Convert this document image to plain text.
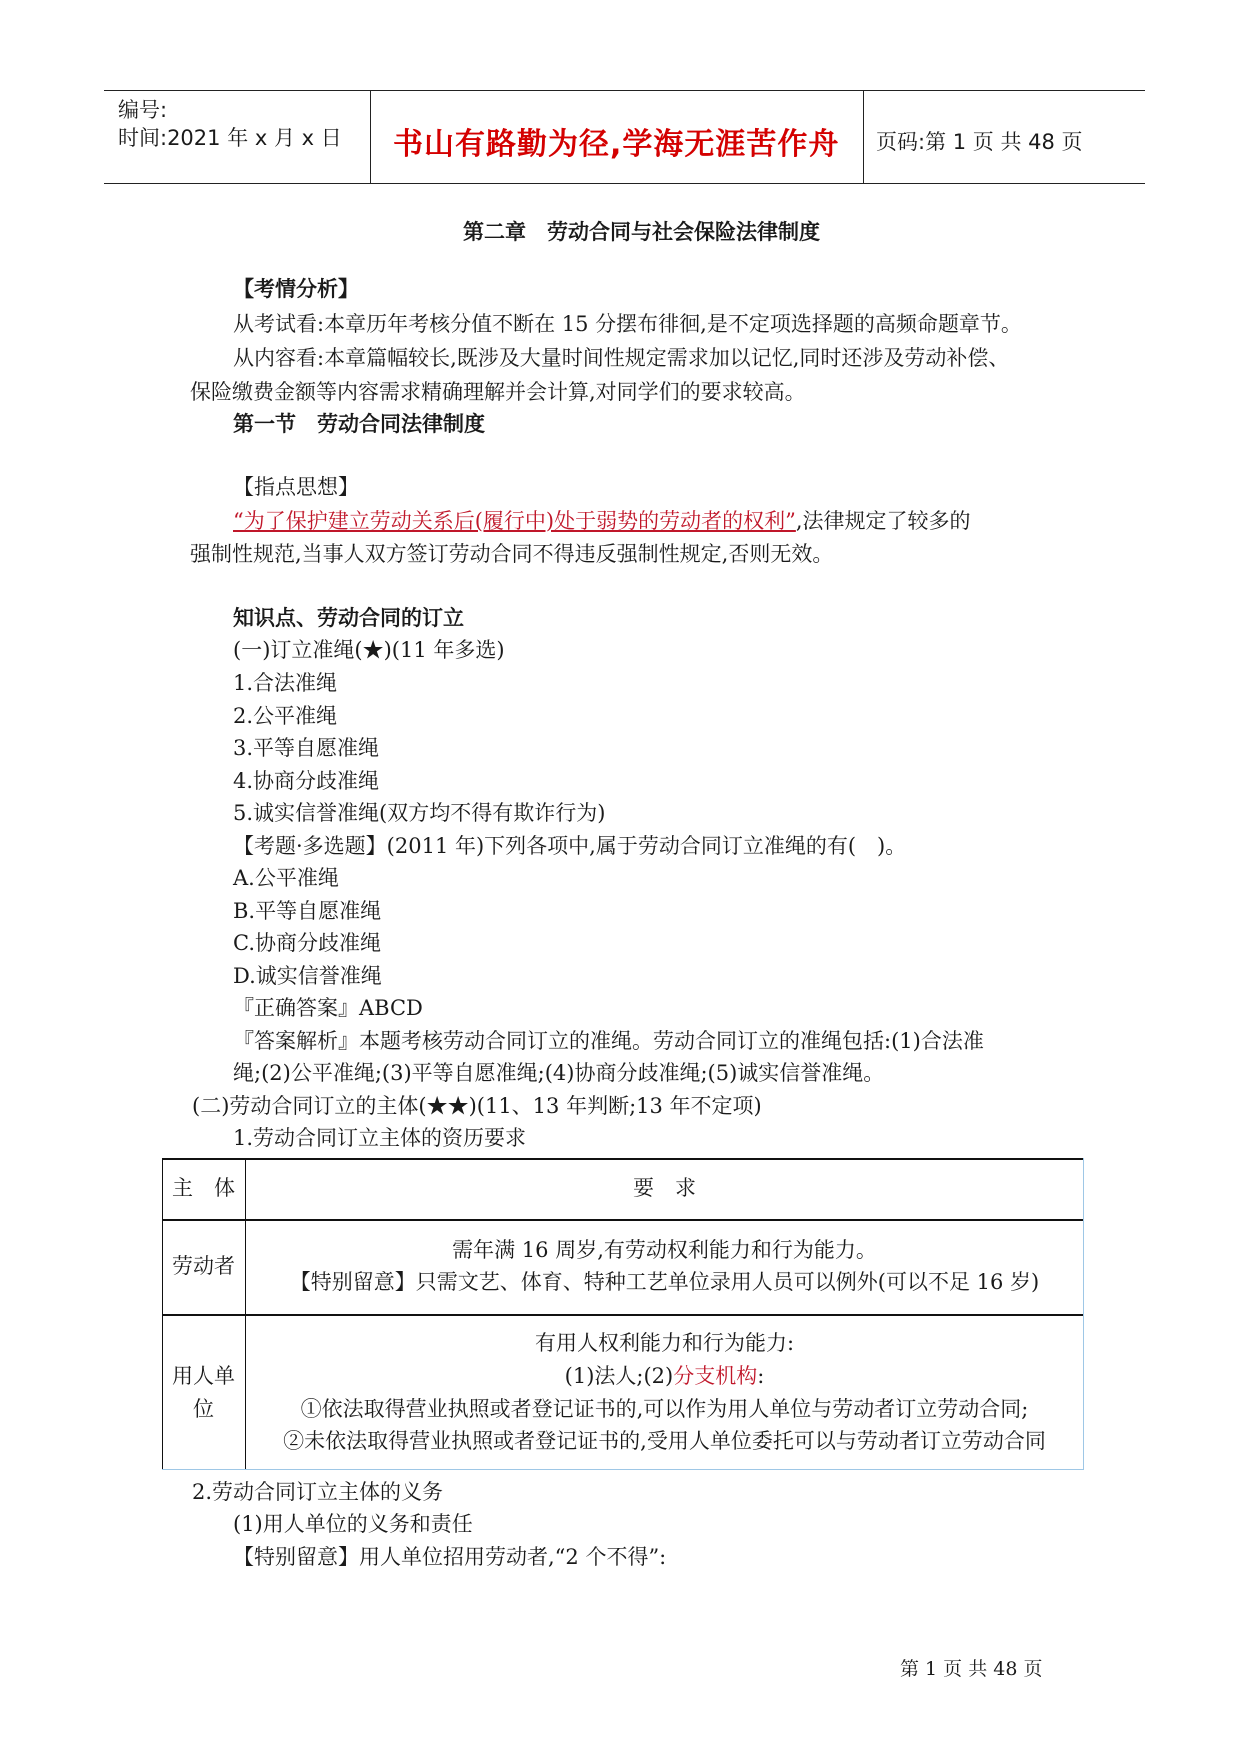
编号:
时间:2021 年 x 月 x 日 书山有路勤为径,学海无涯苦作舟 页码:第 1 页 共 48 页
第二章　劳动合同与社会保险法律制度
【考情分析】
从考试看:本章历年考核分值不断在 15 分摆布徘徊,是不定项选择题的高频命题章节。
从内容看:本章篇幅较长,既涉及大量时间性规定需求加以记忆,同时还涉及劳动补偿、
保险缴费金额等内容需求精确理解并会计算,对同学们的要求较高。
第一节　劳动合同法律制度
【指点思想】
“为了保护建立劳动关系后(履行中)处于弱势的劳动者的权利”,法律规定了较多的
强制性规范,当事人双方签订劳动合同不得违反强制性规定,否则无效。
知识点、劳动合同的订立
(一)订立准绳(★)(11 年多选)
1.合法准绳
2.公平准绳
3.平等自愿准绳
4.协商分歧准绳
5.诚实信誉准绳(双方均不得有欺诈行为)
【考题·多选题】(2011 年)下列各项中,属于劳动合同订立准绳的有(　)。
A.公平准绳
B.平等自愿准绳
C.协商分歧准绳
D.诚实信誉准绳
『正确答案』ABCD
『答案解析』本题考核劳动合同订立的准绳。劳动合同订立的准绳包括:(1)合法准
绳;(2)公平准绳;(3)平等自愿准绳;(4)协商分歧准绳;(5)诚实信誉准绳。
(二)劳动合同订立的主体(★★)(11、13 年判断;13 年不定项)
1.劳动合同订立主体的资历要求
主　体	要　求
劳动者
需年满 16 周岁,有劳动权利能力和行为能力。
【特别留意】只需文艺、体育、特种工艺单位录用人员可以例外(可以不足 16 岁)
用人单
位
有用人权利能力和行为能力:
(1)法人;(2)分支机构:
①依法取得营业执照或者登记证书的,可以作为用人单位与劳动者订立劳动合同;
②未依法取得营业执照或者登记证书的,受用人单位委托可以与劳动者订立劳动合同
2.劳动合同订立主体的义务
(1)用人单位的义务和责任
【特别留意】用人单位招用劳动者,“2 个不得”:
第 1 页 共 48 页
